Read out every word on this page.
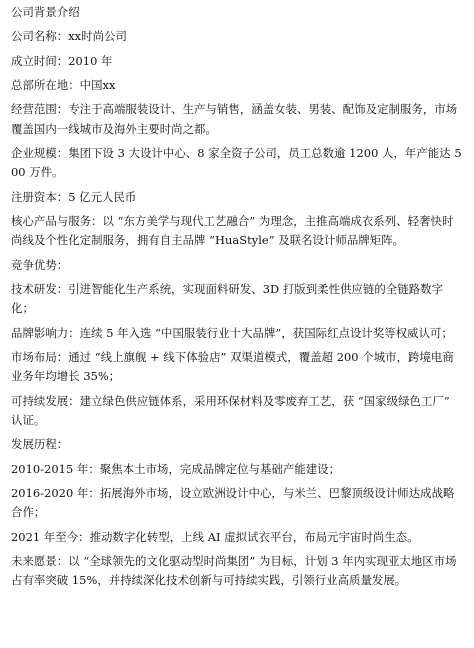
公司背景介绍

公司名称：xx时尚公司

成立时间：2010 年

总部所在地：中国xx

经营范围：专注于高端服装设计、生产与销售，涵盖女装、男装、配饰及定制服务，市场覆盖国内一线城市及海外主要时尚之都。

企业规模：集团下设 3 大设计中心、8 家全资子公司，员工总数逾 1200 人，年产能达 500 万件。

注册资本：5 亿元人民币

核心产品与服务：以 “东方美学与现代工艺融合” 为理念，主推高端成衣系列、轻奢快时尚线及个性化定制服务，拥有自主品牌 “HuaStyle” 及联名设计师品牌矩阵。

竞争优势：

技术研发：引进智能化生产系统，实现面料研发、3D 打版到柔性供应链的全链路数字化；

品牌影响力：连续 5 年入选 “中国服装行业十大品牌”，获国际红点设计奖等权威认可；

市场布局：通过 “线上旗舰 + 线下体验店” 双渠道模式，覆盖超 200 个城市，跨境电商业务年均增长 35%；

可持续发展：建立绿色供应链体系，采用环保材料及零废弃工艺，获 “国家级绿色工厂” 认证。

发展历程：

2010-2015 年：聚焦本土市场，完成品牌定位与基础产能建设；

2016-2020 年：拓展海外市场，设立欧洲设计中心，与米兰、巴黎顶级设计师达成战略合作；

2021 年至今：推动数字化转型，上线 AI 虚拟试衣平台，布局元宇宙时尚生态。

未来愿景：以 “全球领先的文化驱动型时尚集团” 为目标，计划 3 年内实现亚太地区市场占有率突破 15%，并持续深化技术创新与可持续实践，引领行业高质量发展。
